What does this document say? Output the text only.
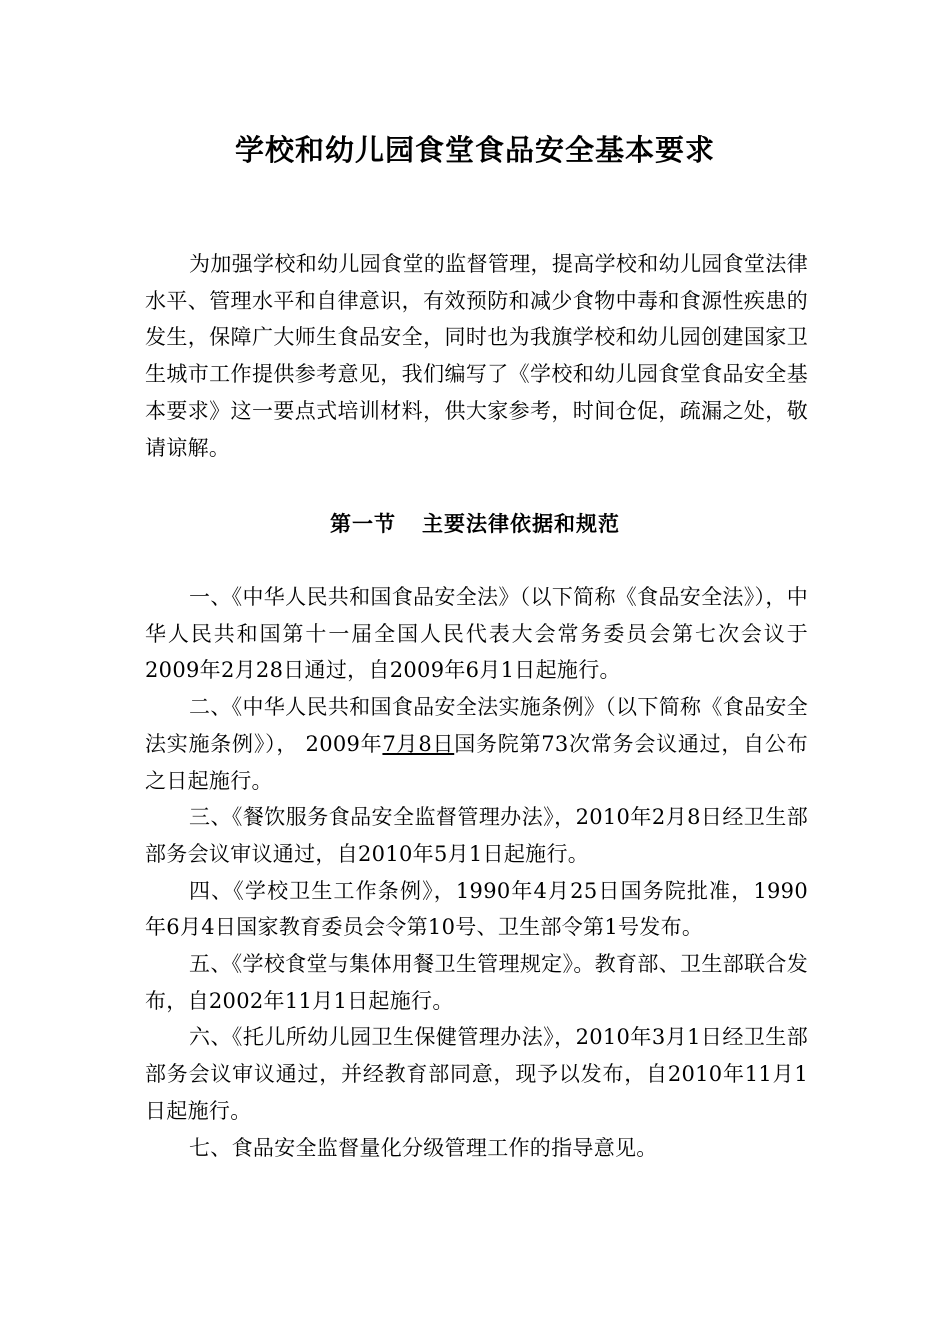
学校和幼儿园食堂食品安全基本要求

为加强学校和幼儿园食堂的监督管理，提高学校和幼儿园食堂法律水平、管理水平和自律意识，有效预防和减少食物中毒和食源性疾患的发生，保障广大师生食品安全，同时也为我旗学校和幼儿园创建国家卫生城市工作提供参考意见，我们编写了《学校和幼儿园食堂食品安全基本要求》这一要点式培训材料，供大家参考，时间仓促，疏漏之处，敬请谅解。

第一节 主要法律依据和规范
一、《中华人民共和国食品安全法》（以下简称《食品安全法》），中华人民共和国第十一届全国人民代表大会常务委员会第七次会议于2009年2月28日通过，自2009年6月1日起施行。
二、《中华人民共和国食品安全法实施条例》（以下简称《食品安全法实施条例》）， 2009年7月8日国务院第73次常务会议通过，自公布之日起施行。
三、《餐饮服务食品安全监督管理办法》，2010年2月8日经卫生部部务会议审议通过，自2010年5月1日起施行。
四、《学校卫生工作条例》，1990年4月25日国务院批准，1990年6月4日国家教育委员会令第10号、卫生部令第1号发布。
五、《学校食堂与集体用餐卫生管理规定》。教育部、卫生部联合发布，自2002年11月1日起施行。
六、《托儿所幼儿园卫生保健管理办法》，2010年3月1日经卫生部部务会议审议通过，并经教育部同意，现予以发布，自2010年11月1日起施行。
七、食品安全监督量化分级管理工作的指导意见。
